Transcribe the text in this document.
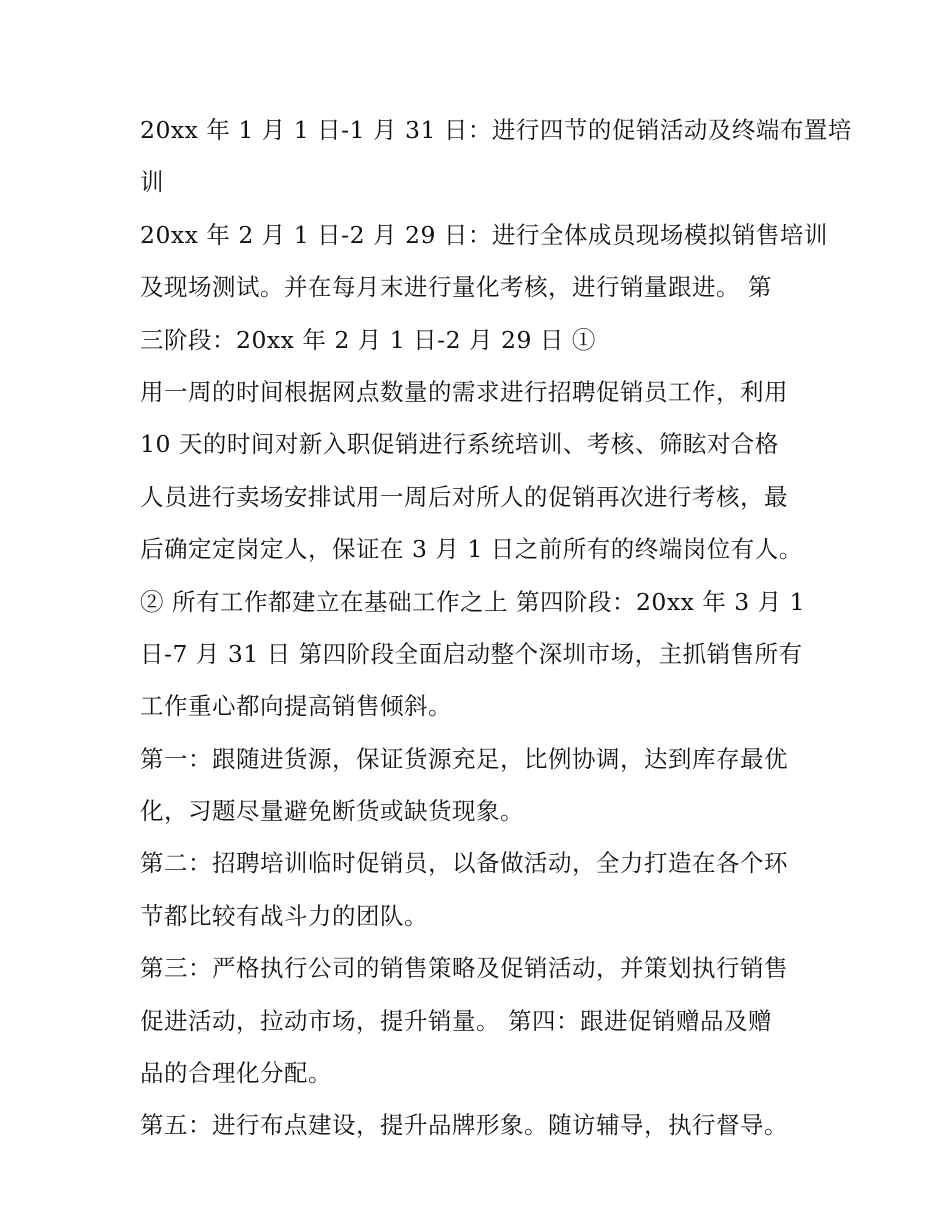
20xx 年 1 月 1 日-1 月 31 日：进行四节的促销活动及终端布置培
训
20xx 年 2 月 1 日-2 月 29 日：进行全体成员现场模拟销售培训
及现场测试。并在每月末进行量化考核，进行销量跟进。 第
三阶段：20xx 年 2 月 1 日-2 月 29 日 ①
用一周的时间根据网点数量的需求进行招聘促销员工作，利用
10 天的时间对新入职促销进行系统培训、考核、筛眩对合格
人员进行卖场安排试用一周后对所人的促销再次进行考核，最
后确定定岗定人，保证在 3 月 1 日之前所有的终端岗位有人。
② 所有工作都建立在基础工作之上 第四阶段：20xx 年 3 月 1
日-7 月 31 日 第四阶段全面启动整个深圳市场，主抓销售所有
工作重心都向提高销售倾斜。
第一：跟随进货源，保证货源充足，比例协调，达到库存最优
化，习题尽量避免断货或缺货现象。
第二：招聘培训临时促销员，以备做活动，全力打造在各个环
节都比较有战斗力的团队。
第三：严格执行公司的销售策略及促销活动，并策划执行销售
促进活动，拉动市场，提升销量。 第四：跟进促销赠品及赠
品的合理化分配。
第五：进行布点建设，提升品牌形象。随访辅导，执行督导。
